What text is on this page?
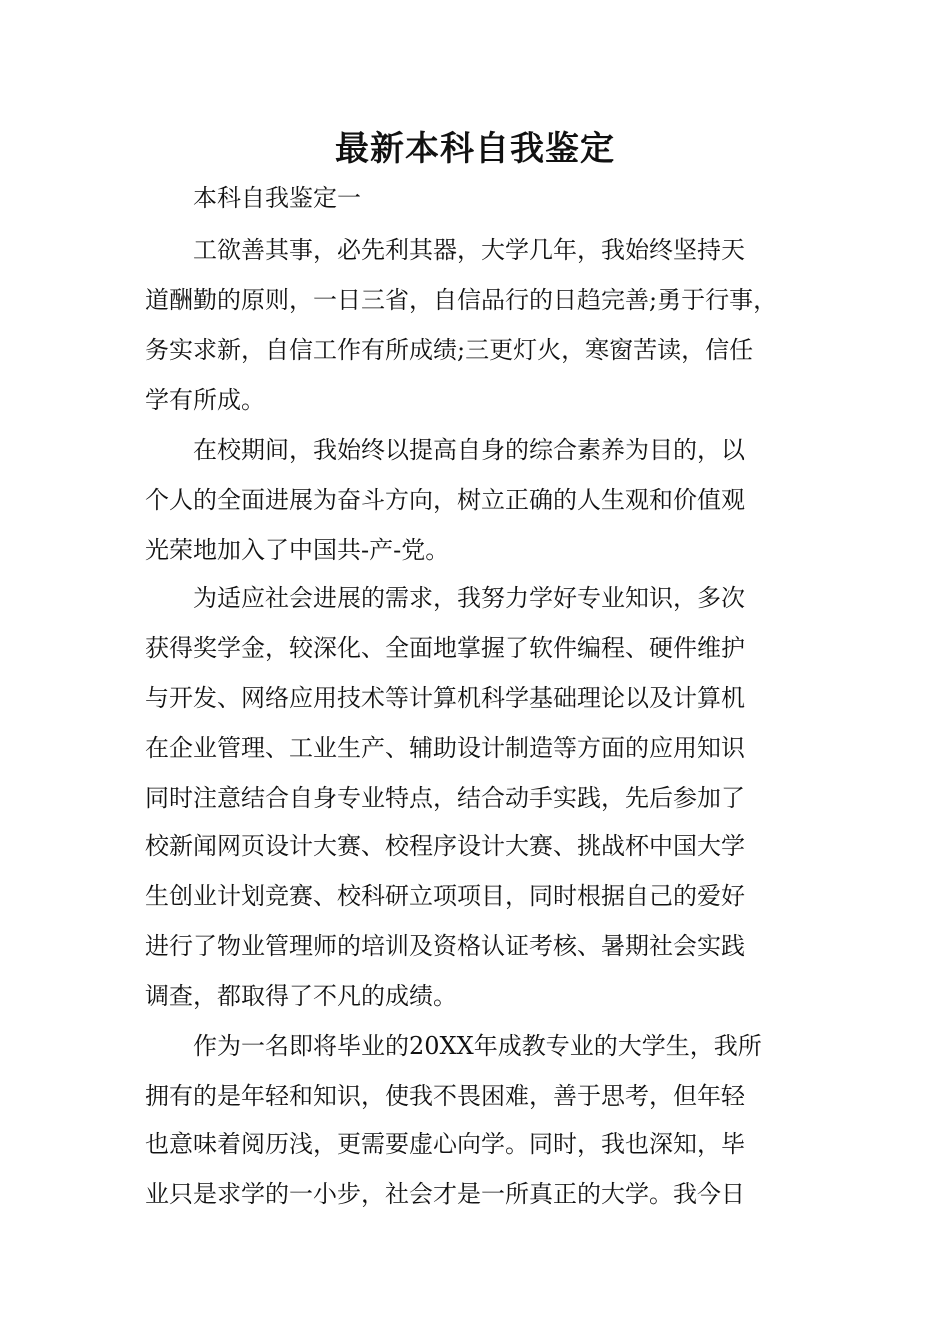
最新本科自我鉴定
　　本科自我鉴定一
　　工欲善其事，必先利其器，大学几年，我始终坚持天
道酬勤的原则，一日三省，自信品行的日趋完善;勇于行事，
务实求新，自信工作有所成绩;三更灯火，寒窗苦读，信任
学有所成。
　　在校期间，我始终以提高自身的综合素养为目的，以
个人的全面进展为奋斗方向，树立正确的人生观和价值观
光荣地加入了中国共-产-党。
　　为适应社会进展的需求，我努力学好专业知识，多次
获得奖学金，较深化、全面地掌握了软件编程、硬件维护
与开发、网络应用技术等计算机科学基础理论以及计算机
在企业管理、工业生产、辅助设计制造等方面的应用知识
同时注意结合自身专业特点，结合动手实践，先后参加了
校新闻网页设计大赛、校程序设计大赛、挑战杯中国大学
生创业计划竞赛、校科研立项项目，同时根据自己的爱好
进行了物业管理师的培训及资格认证考核、暑期社会实践
调查，都取得了不凡的成绩。
　　作为一名即将毕业的20XX年成教专业的大学生，我所
拥有的是年轻和知识，使我不畏困难，善于思考，但年轻
也意味着阅历浅，更需要虚心向学。同时，我也深知，毕
业只是求学的一小步，社会才是一所真正的大学。我今日
